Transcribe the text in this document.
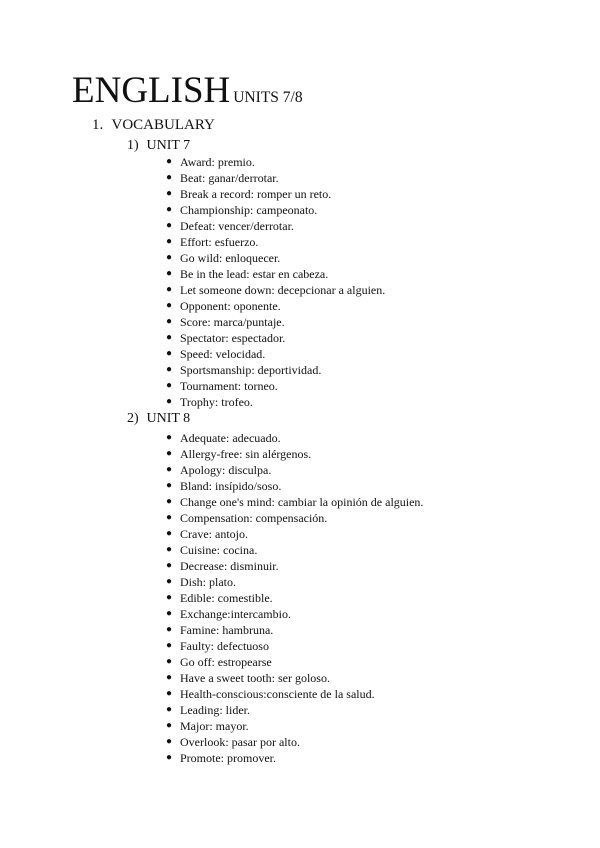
ENGLISH UNITS 7/8
1. VOCABULARY
1) UNIT 7
● Award: premio.
● Beat: ganar/derrotar.
● Break a record: romper un reto.
● Championship: campeonato.
● Defeat: vencer/derrotar.
● Effort: esfuerzo.
● Go wild: enloquecer.
● Be in the lead: estar en cabeza.
● Let someone down: decepcionar a alguien.
● Opponent: oponente.
● Score: marca/puntaje.
● Spectator: espectador.
● Speed: velocidad.
● Sportsmanship: deportividad.
● Tournament: torneo.
● Trophy: trofeo.
2) UNIT 8
● Adequate: adecuado.
● Allergy-free: sin alérgenos.
● Apology: disculpa.
● Bland: insípido/soso.
● Change one's mind: cambiar la opinión de alguien.
● Compensation: compensación.
● Crave: antojo.
● Cuisine: cocina.
● Decrease: disminuir.
● Dish: plato.
● Edible: comestible.
● Exchange:intercambio.
● Famine: hambruna.
● Faulty: defectuoso
● Go off: estropearse
● Have a sweet tooth: ser goloso.
● Health-conscious:consciente de la salud.
● Leading: lider.
● Major: mayor.
● Overlook: pasar por alto.
● Promote: promover.
